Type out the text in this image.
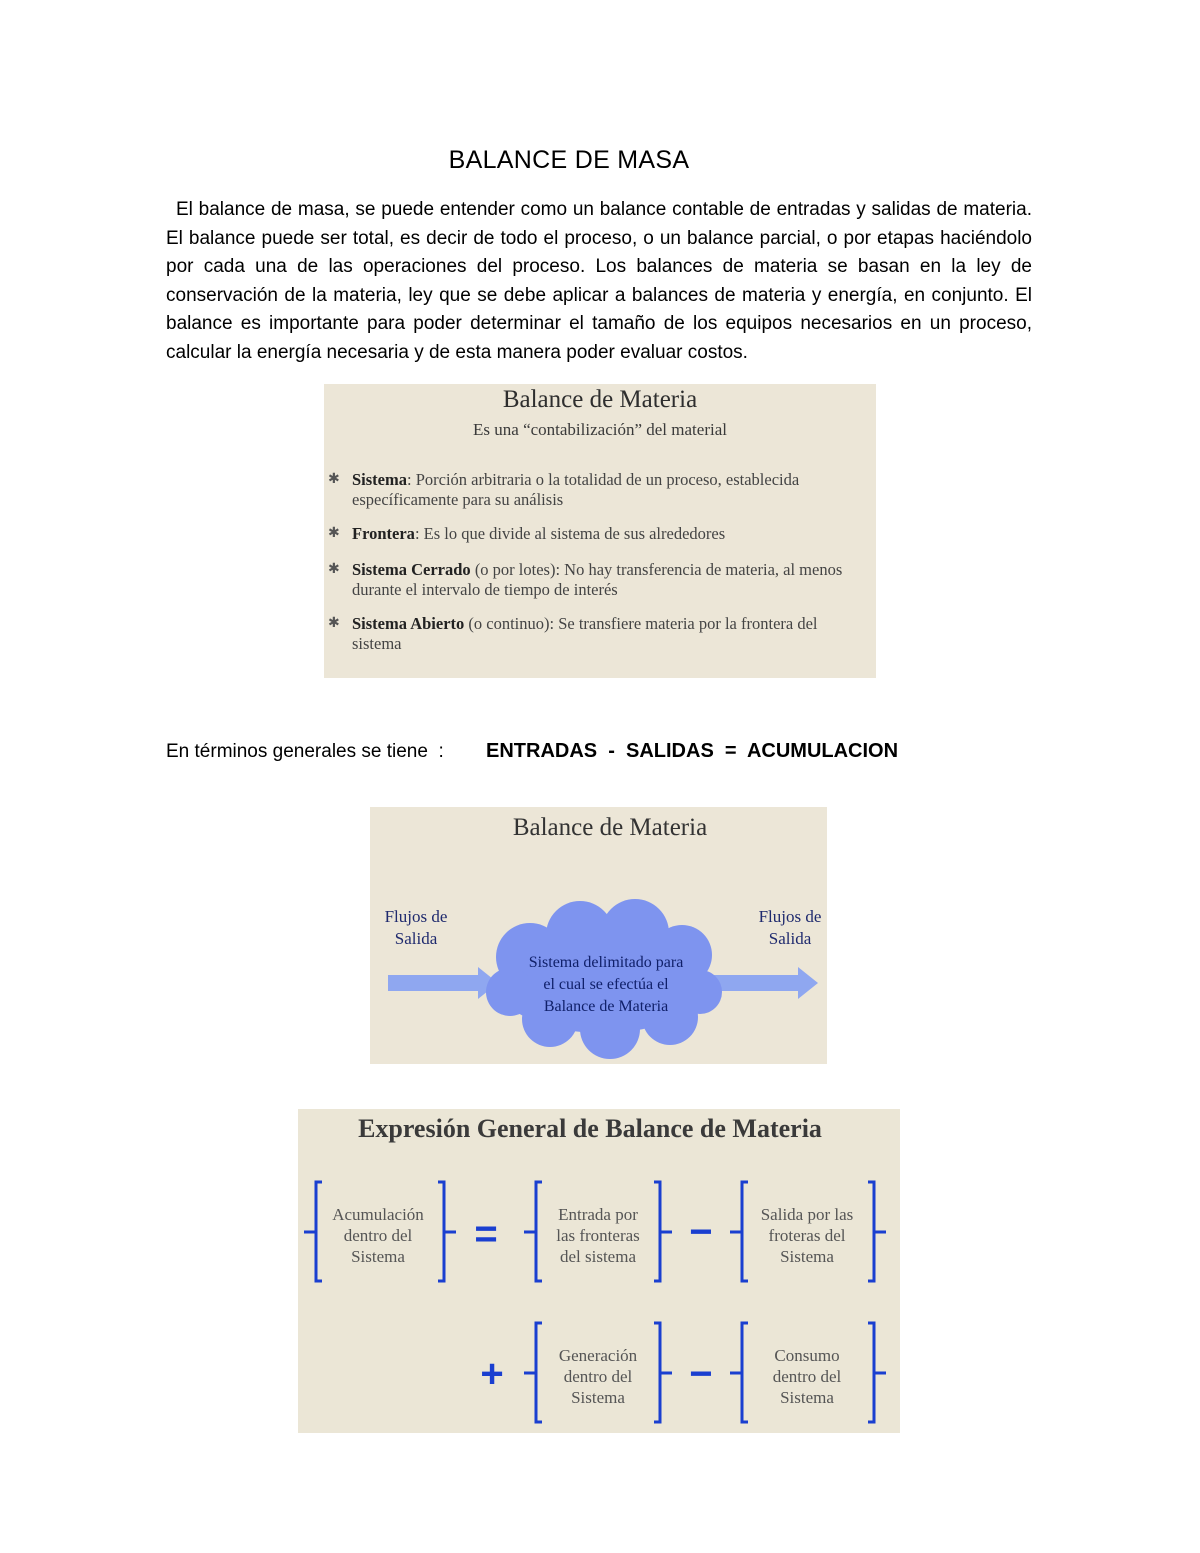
BALANCE DE MASA

El balance de masa, se puede entender como un balance contable de entradas y salidas de materia. El balance puede ser total, es decir de todo el proceso, o un balance parcial, o por etapas haciéndolo por cada una de las operaciones del proceso. Los balances de materia se basan en la ley de conservación de la materia, ley que se debe aplicar a balances de materia y energía, en conjunto. El balance es importante para poder determinar el tamaño de los equipos necesarios en un proceso, calcular la energía necesaria y de esta manera poder evaluar costos.

Balance de Materia
Es una “contabilización” del material
✱ Sistema: Porción arbitraria o la totalidad de un proceso, establecida específicamente para su análisis
✱ Frontera: Es lo que divide al sistema de sus alrededores
✱ Sistema Cerrado (o por lotes): No hay transferencia de materia, al menos durante el intervalo de tiempo de interés
✱ Sistema Abierto (o continuo): Se transfiere materia por la frontera del sistema
En términos generales se tiene  : ENTRADAS  -  SALIDAS  =  ACUMULACION
Balance de Materia
Flujos de
Salida
Flujos de
Salida
Sistema delimitado para
el cual se efectúa el
Balance de Materia
Expresión General de Balance de Materia
=	−
+	−
Acumulación
dentro del
Sistema
Entrada por
las fronteras
del sistema
Salida por las
froteras del
Sistema
Generación
dentro del
Sistema
Consumo
dentro del
Sistema
